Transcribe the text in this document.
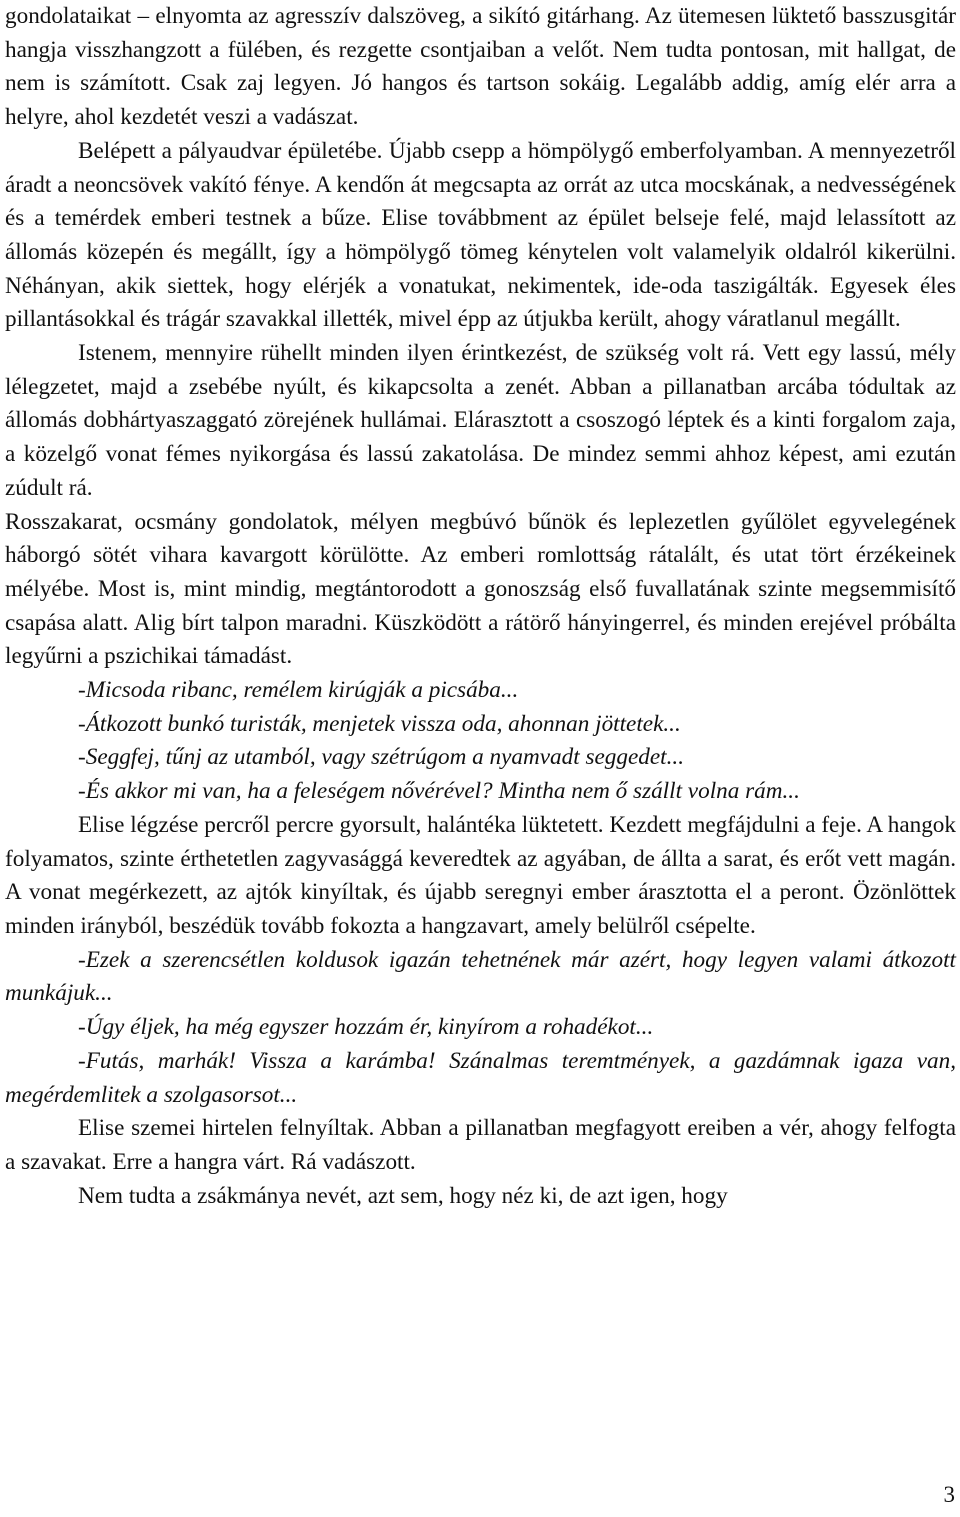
gondolataikat – elnyomta az agresszív dalszöveg, a sikító gitárhang. Az ütemesen lüktető basszusgitár hangja visszhangzott a fülében, és rezgette csontjaiban a velőt. Nem tudta pontosan, mit hallgat, de nem is számított. Csak zaj legyen. Jó hangos és tartson sokáig. Legalább addig, amíg elér arra a helyre, ahol kezdetét veszi a vadászat.

Belépett a pályaudvar épületébe. Újabb csepp a hömpölygő emberfolyamban. A mennyezetről áradt a neoncsövek vakító fénye. A kendőn át megcsapta az orrát az utca mocskának, a nedvességének és a temérdek emberi testnek a bűze. Elise továbbment az épület belseje felé, majd lelassított az állomás közepén és megállt, így a hömpölygő tömeg kénytelen volt valamelyik oldalról kikerülni. Néhányan, akik siettek, hogy elérjék a vonatukat, nekimentek, ide-oda taszigálták. Egyesek éles pillantásokkal és trágár szavakkal illették, mivel épp az útjukba került, ahogy váratlanul megállt.

Istenem, mennyire rühellt minden ilyen érintkezést, de szükség volt rá. Vett egy lassú, mély lélegzetet, majd a zsebébe nyúlt, és kikapcsolta a zenét. Abban a pillanatban arcába tódultak az állomás dobhártyaszaggató zörejének hullámai. Elárasztott a csoszogó léptek és a kinti forgalom zaja, a közelgő vonat fémes nyikorgása és lassú zakatolása. De mindez semmi ahhoz képest, ami ezután zúdult rá.

Rosszakarat, ocsmány gondolatok, mélyen megbúvó bűnök és leplezetlen gyűlölet egyvelegének háborgó sötét vihara kavargott körülötte. Az emberi romlottság rátalált, és utat tört érzékeinek mélyébe. Most is, mint mindig, megtántorodott a gonoszság első fuvallatának szinte megsemmisítő csapása alatt. Alig bírt talpon maradni. Küszködött a rátörő hányingerrel, és minden erejével próbálta legyűrni a pszichikai támadást.

-Micsoda ribanc, remélem kirúgják a picsába...

-Átkozott bunkó turisták, menjetek vissza oda, ahonnan jöttetek...

-Seggfej, tűnj az utamból, vagy szétrúgom a nyamvadt seggedet...

-És akkor mi van, ha a feleségem nővérével? Mintha nem ő szállt volna rám...

Elise légzése percről percre gyorsult, halántéka lüktetett. Kezdett megfájdulni a feje. A hangok folyamatos, szinte érthetetlen zagyvasággá keveredtek az agyában, de állta a sarat, és erőt vett magán. A vonat megérkezett, az ajtók kinyíltak, és újabb seregnyi ember árasztotta el a peront. Özönlöttek minden irányból, beszédük tovább fokozta a hangzavart, amely belülről csépelte.

-Ezek a szerencsétlen koldusok igazán tehetnének már azért, hogy legyen valami átkozott munkájuk...

-Úgy éljek, ha még egyszer hozzám ér, kinyírom a rohadékot...

-Futás, marhák! Vissza a karámba! Szánalmas teremtmények, a gazdámnak igaza van, megérdemlitek a szolgasorsot...

Elise szemei hirtelen felnyíltak. Abban a pillanatban megfagyott ereiben a vér, ahogy felfogta a szavakat. Erre a hangra várt. Rá vadászott.

Nem tudta a zsákmánya nevét, azt sem, hogy néz ki, de azt igen, hogy

3
